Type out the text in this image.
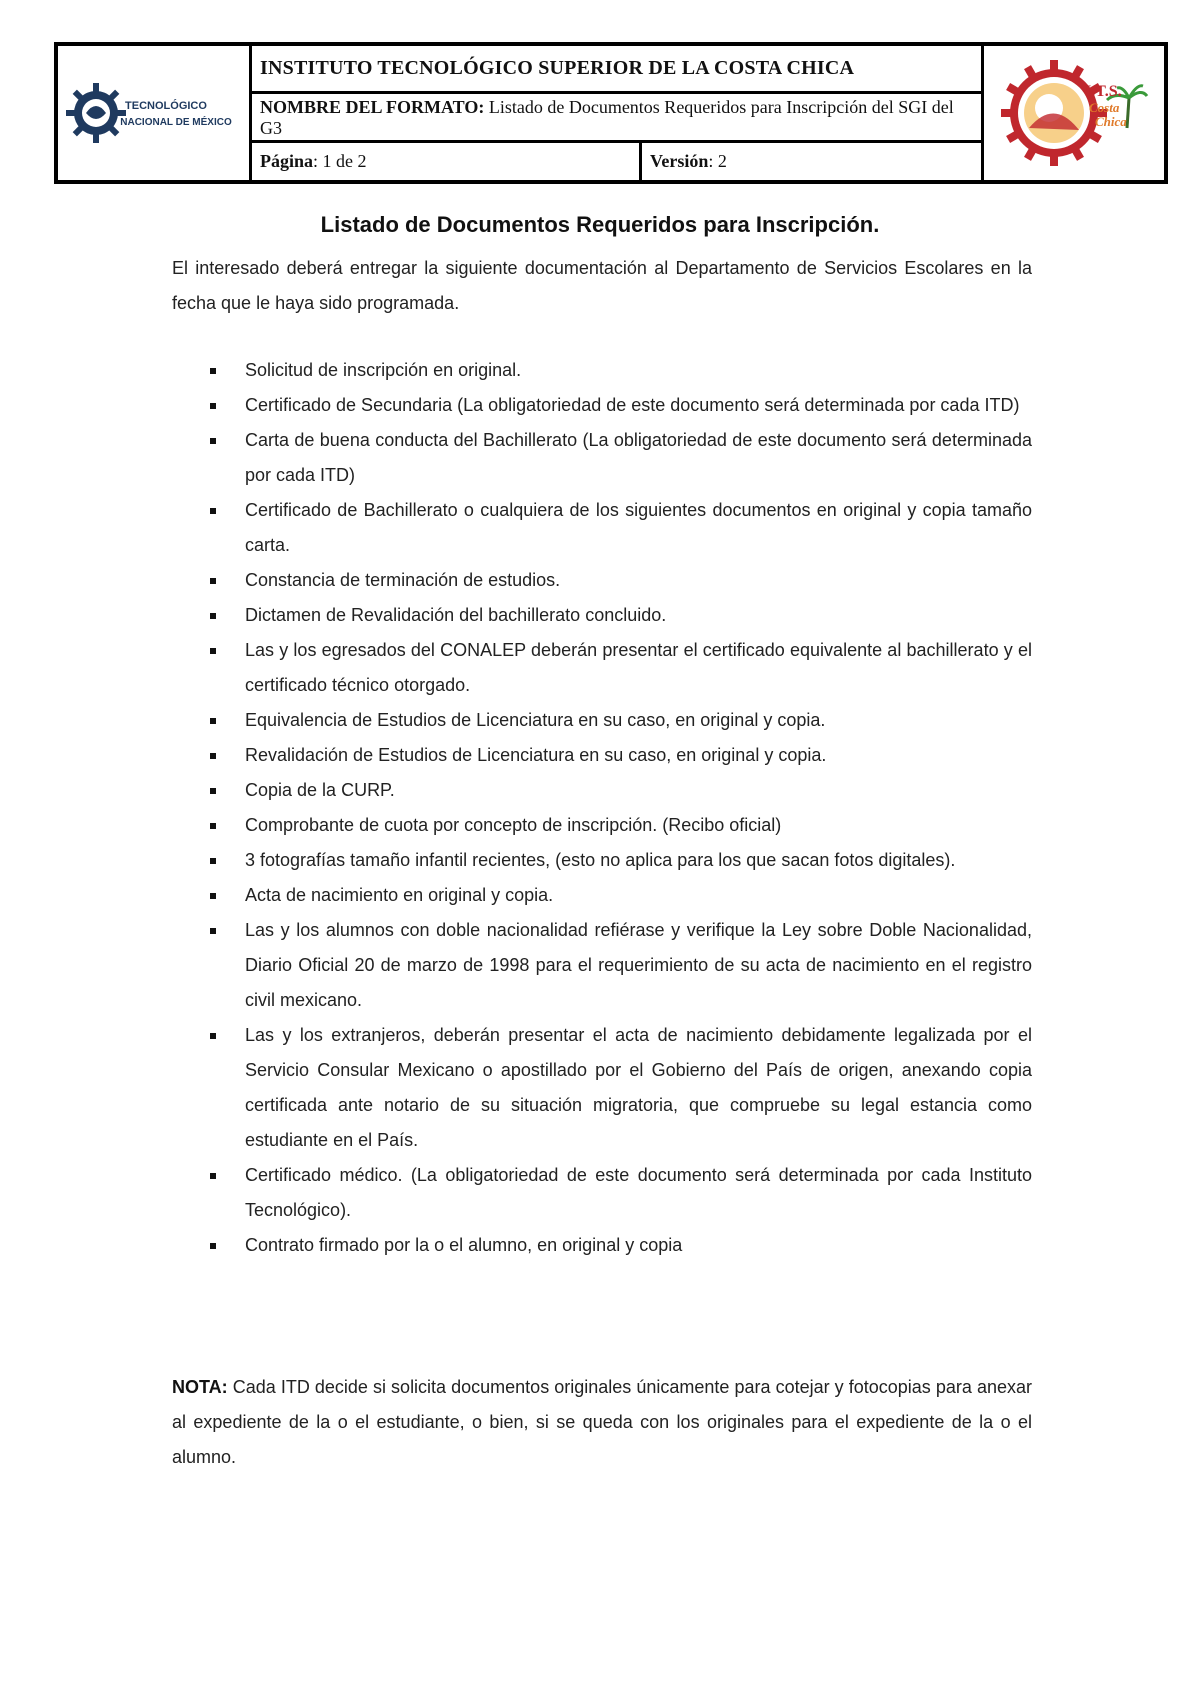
TECNOLÓGICO
NACIONAL DE MÉXICO
INSTITUTO TECNOLÓGICO SUPERIOR DE LA COSTA CHICA
NOMBRE DEL FORMATO: Listado de Documentos Requeridos para Inscripción del SGI del G3
Página : 1 de 2	Versión : 2
I.T.S.
Costa
Chica
Listado de Documentos Requeridos para Inscripción.

El interesado deberá entregar la siguiente documentación al Departamento de Servicios Escolares en la fecha que le haya sido programada.

Solicitud de inscripción en original.
Certificado de Secundaria (La obligatoriedad de este documento será determinada por cada ITD)
Carta de buena conducta del Bachillerato (La obligatoriedad de este documento será determinada por cada ITD)
Certificado de Bachillerato o cualquiera de los siguientes documentos en original y copia tamaño carta.
Constancia de terminación de estudios.
Dictamen de Revalidación del bachillerato concluido.
Las y los egresados del CONALEP deberán presentar el certificado equivalente al bachillerato y el certificado técnico otorgado.
Equivalencia de Estudios de Licenciatura en su caso, en original y copia.
Revalidación de Estudios de Licenciatura en su caso, en original y copia.
Copia de la CURP.
Comprobante de cuota por concepto de inscripción. (Recibo oficial)
3 fotografías tamaño infantil recientes, (esto no aplica para los que sacan fotos digitales).
Acta de nacimiento en original y copia.
Las y los alumnos con doble nacionalidad refiérase y verifique la Ley sobre Doble Nacionalidad, Diario Oficial 20 de marzo de 1998 para el requerimiento de su acta de nacimiento en el registro civil mexicano.
Las y los extranjeros, deberán presentar el acta de nacimiento debidamente legalizada por el Servicio Consular Mexicano o apostillado por el Gobierno del País de origen, anexando copia certificada ante notario de su situación migratoria, que compruebe su legal estancia como estudiante en el País.
Certificado médico. (La obligatoriedad de este documento será determinada por cada Instituto Tecnológico).
Contrato firmado por la o el alumno, en original y copia

NOTA: Cada ITD decide si solicita documentos originales únicamente para cotejar y fotocopias para anexar al expediente de la o el estudiante, o bien, si se queda con los originales para el expediente de la o el alumno.
